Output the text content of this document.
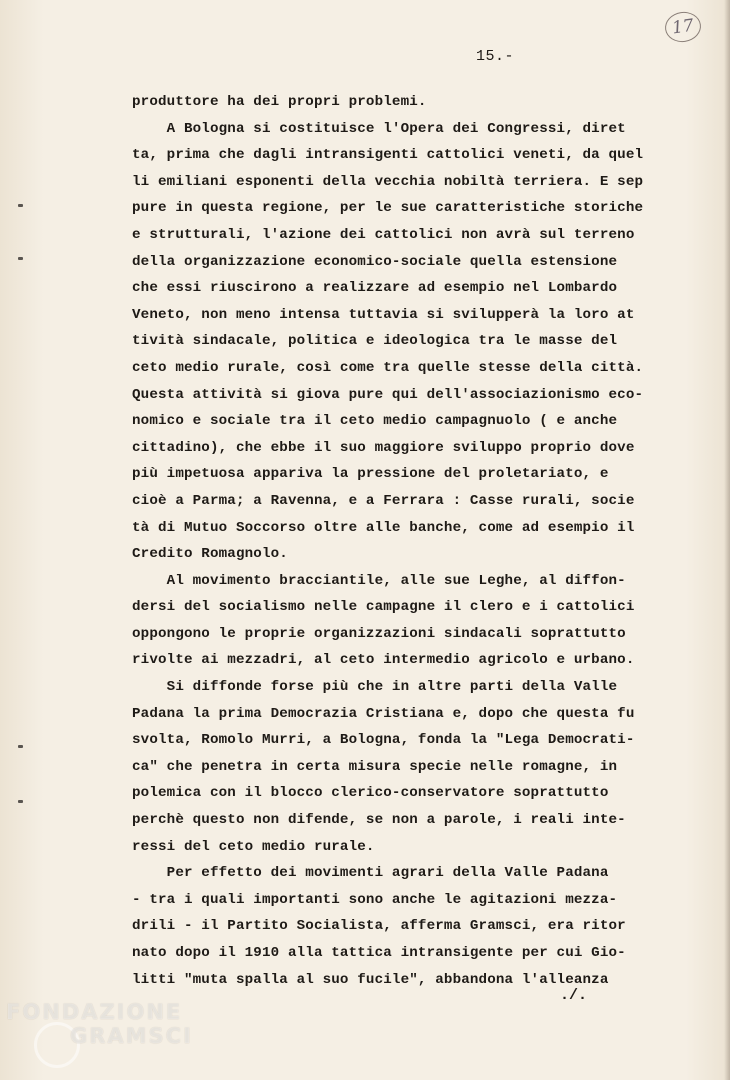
17
15.-
produttore ha dei propri problemi.
A Bologna si costituisce l'Opera dei Congressi, diret
ta, prima che dagli intransigenti cattolici veneti, da quel
li emiliani esponenti della vecchia nobiltà terriera. E sep
pure in questa regione, per le sue caratteristiche storiche
e strutturali, l'azione dei cattolici non avrà sul terreno
della organizzazione economico-sociale quella estensione
che essi riuscirono a realizzare ad esempio nel Lombardo
Veneto, non meno intensa tuttavia si svilupperà la loro at
tività sindacale, politica e ideologica tra le masse del
ceto medio rurale, così come tra quelle stesse della città.
Questa attività si giova pure qui dell'associazionismo eco-
nomico e sociale tra il ceto medio campagnuolo ( e anche
cittadino), che ebbe il suo maggiore sviluppo proprio dove
più impetuosa appariva la pressione del proletariato, e
cioè a Parma; a Ravenna, e a Ferrara : Casse rurali, socie
tà di Mutuo Soccorso oltre alle banche, come ad esempio il
Credito Romagnolo.
Al movimento bracciantile, alle sue Leghe, al diffon-
dersi del socialismo nelle campagne il clero e i cattolici
oppongono le proprie organizzazioni sindacali soprattutto
rivolte ai mezzadri, al ceto intermedio agricolo e urbano.
Si diffonde forse più che in altre parti della Valle
Padana la prima Democrazia Cristiana e, dopo che questa fu
svolta, Romolo Murri, a Bologna, fonda la "Lega Democrati-
ca" che penetra in certa misura specie nelle romagne, in
polemica con il blocco clerico-conservatore soprattutto
perchè questo non difende, se non a parole, i reali inte-
ressi del ceto medio rurale.
Per effetto dei movimenti agrari della Valle Padana
- tra i quali importanti sono anche le agitazioni mezza-
drili - il Partito Socialista, afferma Gramsci, era ritor
nato dopo il 1910 alla tattica intransigente per cui Gio-
litti "muta spalla al suo fucile", abbandona l'alleanza
./.
FONDAZIONE
GRAMSCI
